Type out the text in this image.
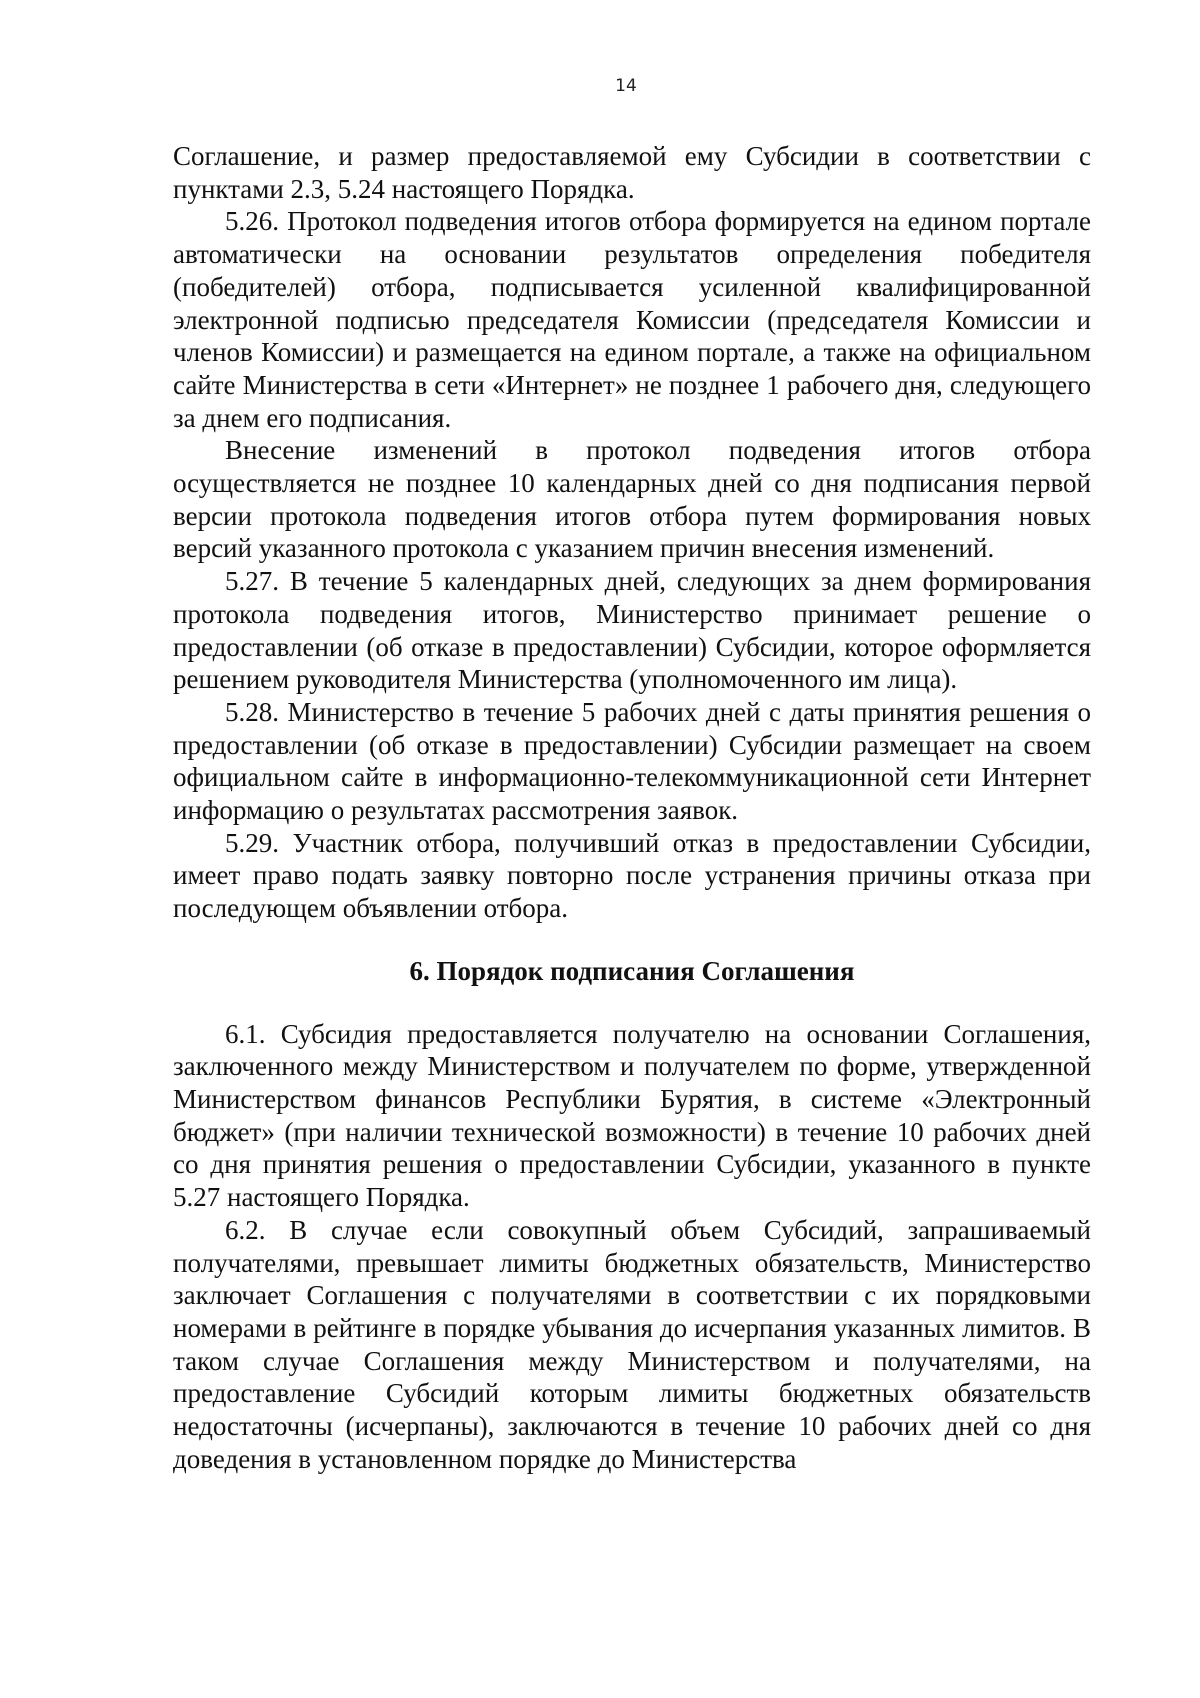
14

Соглашение, и размер предоставляемой ему Субсидии в соответствии с пунктами 2.3, 5.24 настоящего Порядка.

5.26. Протокол подведения итогов отбора формируется на едином портале автоматически на основании результатов определения победителя (победителей) отбора, подписывается усиленной квалифицированной электронной подписью председателя Комиссии (председателя Комиссии и членов Комиссии) и размещается на едином портале, а также на официальном сайте Министерства в сети «Интернет» не позднее 1 рабочего дня, следующего за днем его подписания.

Внесение изменений в протокол подведения итогов отбора осуществляется не позднее 10 календарных дней со дня подписания первой версии протокола подведения итогов отбора путем формирования новых версий указанного протокола с указанием причин внесения изменений.

5.27. В течение 5 календарных дней, следующих за днем формирования протокола подведения итогов, Министерство принимает решение о предоставлении (об отказе в предоставлении) Субсидии, которое оформляется решением руководителя Министерства (уполномоченного им лица).

5.28. Министерство в течение 5 рабочих дней с даты принятия решения о предоставлении (об отказе в предоставлении) Субсидии размещает на своем официальном сайте в информационно-телекоммуникационной сети Интернет информацию о результатах рассмотрения заявок.

5.29. Участник отбора, получивший отказ в предоставлении Субсидии, имеет право подать заявку повторно после устранения причины отказа при последующем объявлении отбора.

6. Порядок подписания Соглашения

6.1. Субсидия предоставляется получателю на основании Соглашения, заключенного между Министерством и получателем по форме, утвержденной Министерством финансов Республики Бурятия, в системе «Электронный бюджет» (при наличии технической возможности) в течение 10 рабочих дней со дня принятия решения о предоставлении Субсидии, указанного в пункте 5.27 настоящего Порядка.

6.2. В случае если совокупный объем Субсидий, запрашиваемый получателями, превышает лимиты бюджетных обязательств, Министерство заключает Соглашения с получателями в соответствии с их порядковыми номерами в рейтинге в порядке убывания до исчерпания указанных лимитов. В таком случае Соглашения между Министерством и получателями, на предоставление Субсидий которым лимиты бюджетных обязательств недостаточны (исчерпаны), заключаются в течение 10 рабочих дней со дня доведения в установленном порядке до Министерства
